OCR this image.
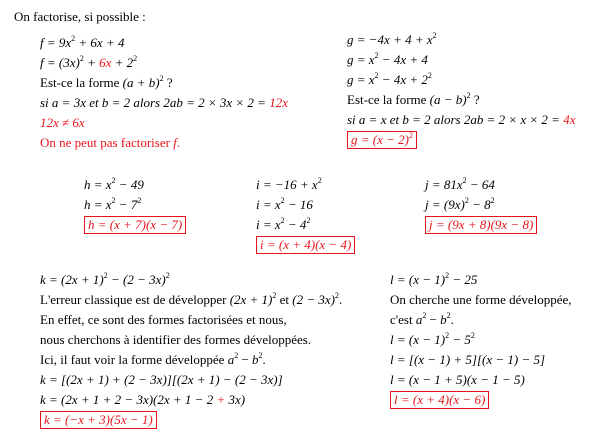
On factorise, si possible :
$f = 9x^2 + 6x + 4$
$f = (3x)^2 + 6x + 2^2$
Est-ce la forme $(a + b)^2$ ?
si a = 3x et b = 2 alors 2ab = 2 × 3x × 2 = 12x
12x ≠ 6x
On ne peut pas factoriser f.
$g = -4x + 4 + x^2$
$g = x^2 - 4x + 4$
$g = x^2 - 4x + 2^2$
Est-ce la forme $(a - b)^2$ ?
si a = x et b = 2 alors 2ab = 2 × x × 2 = 4x
$g = (x - 2)^2$
$h = x^2 - 49$
$h = x^2 - 7^2$
h = (x + 7)(x − 7)
$i = -16 + x^2$
$i = x^2 - 16$
$i = x^2 - 4^2$
i = (x + 4)(x − 4)
$j = 81x^2 - 64$
$j = (9x)^2 - 8^2$
j = (9x + 8)(9x − 8)
$k = (2x + 1)^2 - (2 - 3x)^2$
L'erreur classique est de développer $(2x + 1)^2$ et $(2 - 3x)^2$.
En effet, ce sont des formes factorisées et nous,
nous cherchons à identifier des formes développées.
Ici, il faut voir la forme développée $a^2 - b^2$.
k = [(2x + 1) + (2 − 3x)][(2x + 1) − (2 − 3x)]
k = (2x + 1 + 2 − 3x)(2x + 1 − 2 + 3x)
k = (−x + 3)(5x − 1)
$l = (x - 1)^2 - 25$
On cherche une forme développée,
c'est $a^2 - b^2$.
$l = (x - 1)^2 - 5^2$
l = [(x − 1) + 5][(x − 1) − 5]
l = (x − 1 + 5)(x − 1 − 5)
l = (x + 4)(x − 6)
